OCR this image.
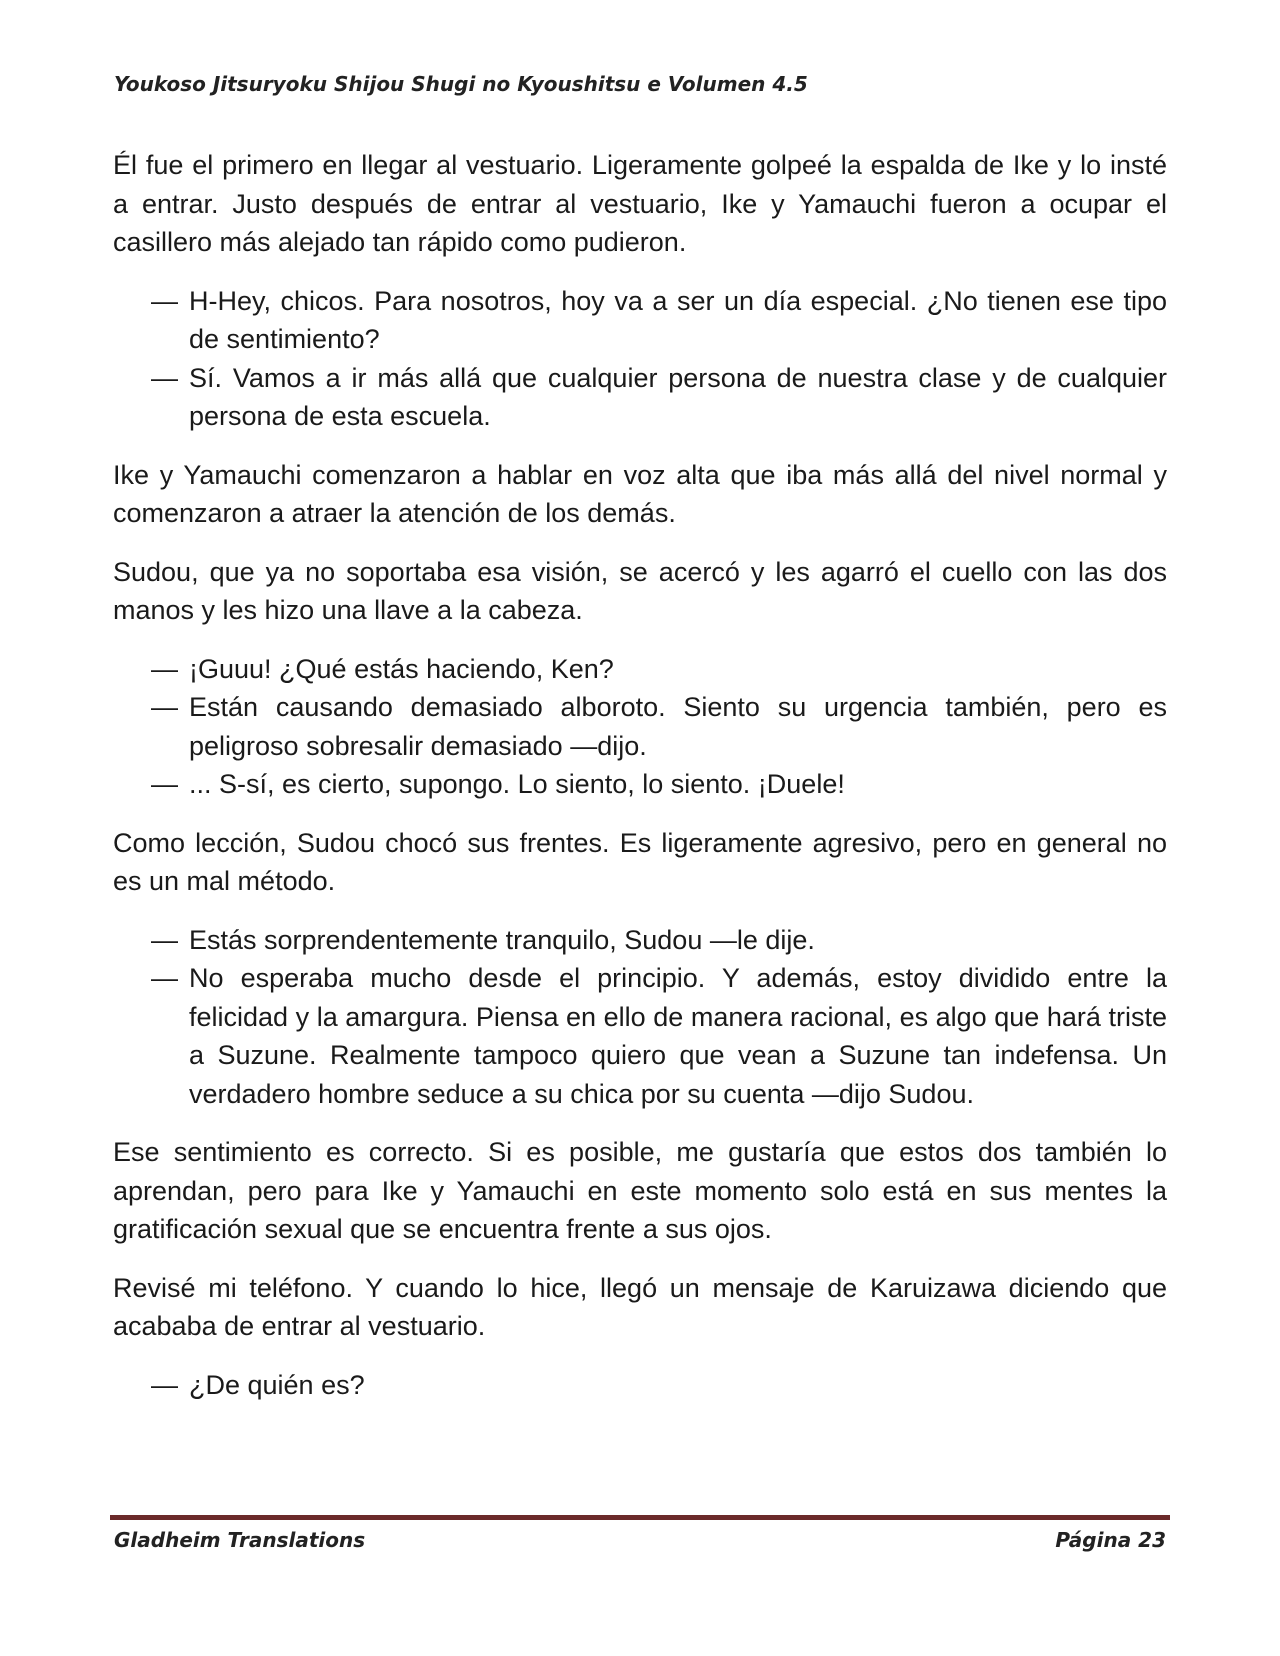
Youkoso Jitsuryoku Shijou Shugi no Kyoushitsu e Volumen 4.5

Él fue el primero en llegar al vestuario. Ligeramente golpeé la espalda de Ike y lo insté a entrar. Justo después de entrar al vestuario, Ike y Yamauchi fueron a ocupar el casillero más alejado tan rápido como pudieron.

— H-Hey, chicos. Para nosotros, hoy va a ser un día especial. ¿No tienen ese tipo de sentimiento?
— Sí. Vamos a ir más allá que cualquier persona de nuestra clase y de cualquier persona de esta escuela.

Ike y Yamauchi comenzaron a hablar en voz alta que iba más allá del nivel normal y comenzaron a atraer la atención de los demás.

Sudou, que ya no soportaba esa visión, se acercó y les agarró el cuello con las dos manos y les hizo una llave a la cabeza.

— ¡Guuu! ¿Qué estás haciendo, Ken?
— Están causando demasiado alboroto. Siento su urgencia también, pero es peligroso sobresalir demasiado —dijo.
— ... S-sí, es cierto, supongo. Lo siento, lo siento. ¡Duele!

Como lección, Sudou chocó sus frentes. Es ligeramente agresivo, pero en general no es un mal método.

— Estás sorprendentemente tranquilo, Sudou —le dije.
— No esperaba mucho desde el principio. Y además, estoy dividido entre la felicidad y la amargura. Piensa en ello de manera racional, es algo que hará triste a Suzune. Realmente tampoco quiero que vean a Suzune tan indefensa. Un verdadero hombre seduce a su chica por su cuenta —dijo Sudou.

Ese sentimiento es correcto. Si es posible, me gustaría que estos dos también lo aprendan, pero para Ike y Yamauchi en este momento solo está en sus mentes la gratificación sexual que se encuentra frente a sus ojos.

Revisé mi teléfono. Y cuando lo hice, llegó un mensaje de Karuizawa diciendo que acababa de entrar al vestuario.

— ¿De quién es?
Gladheim Translations	Página 23
